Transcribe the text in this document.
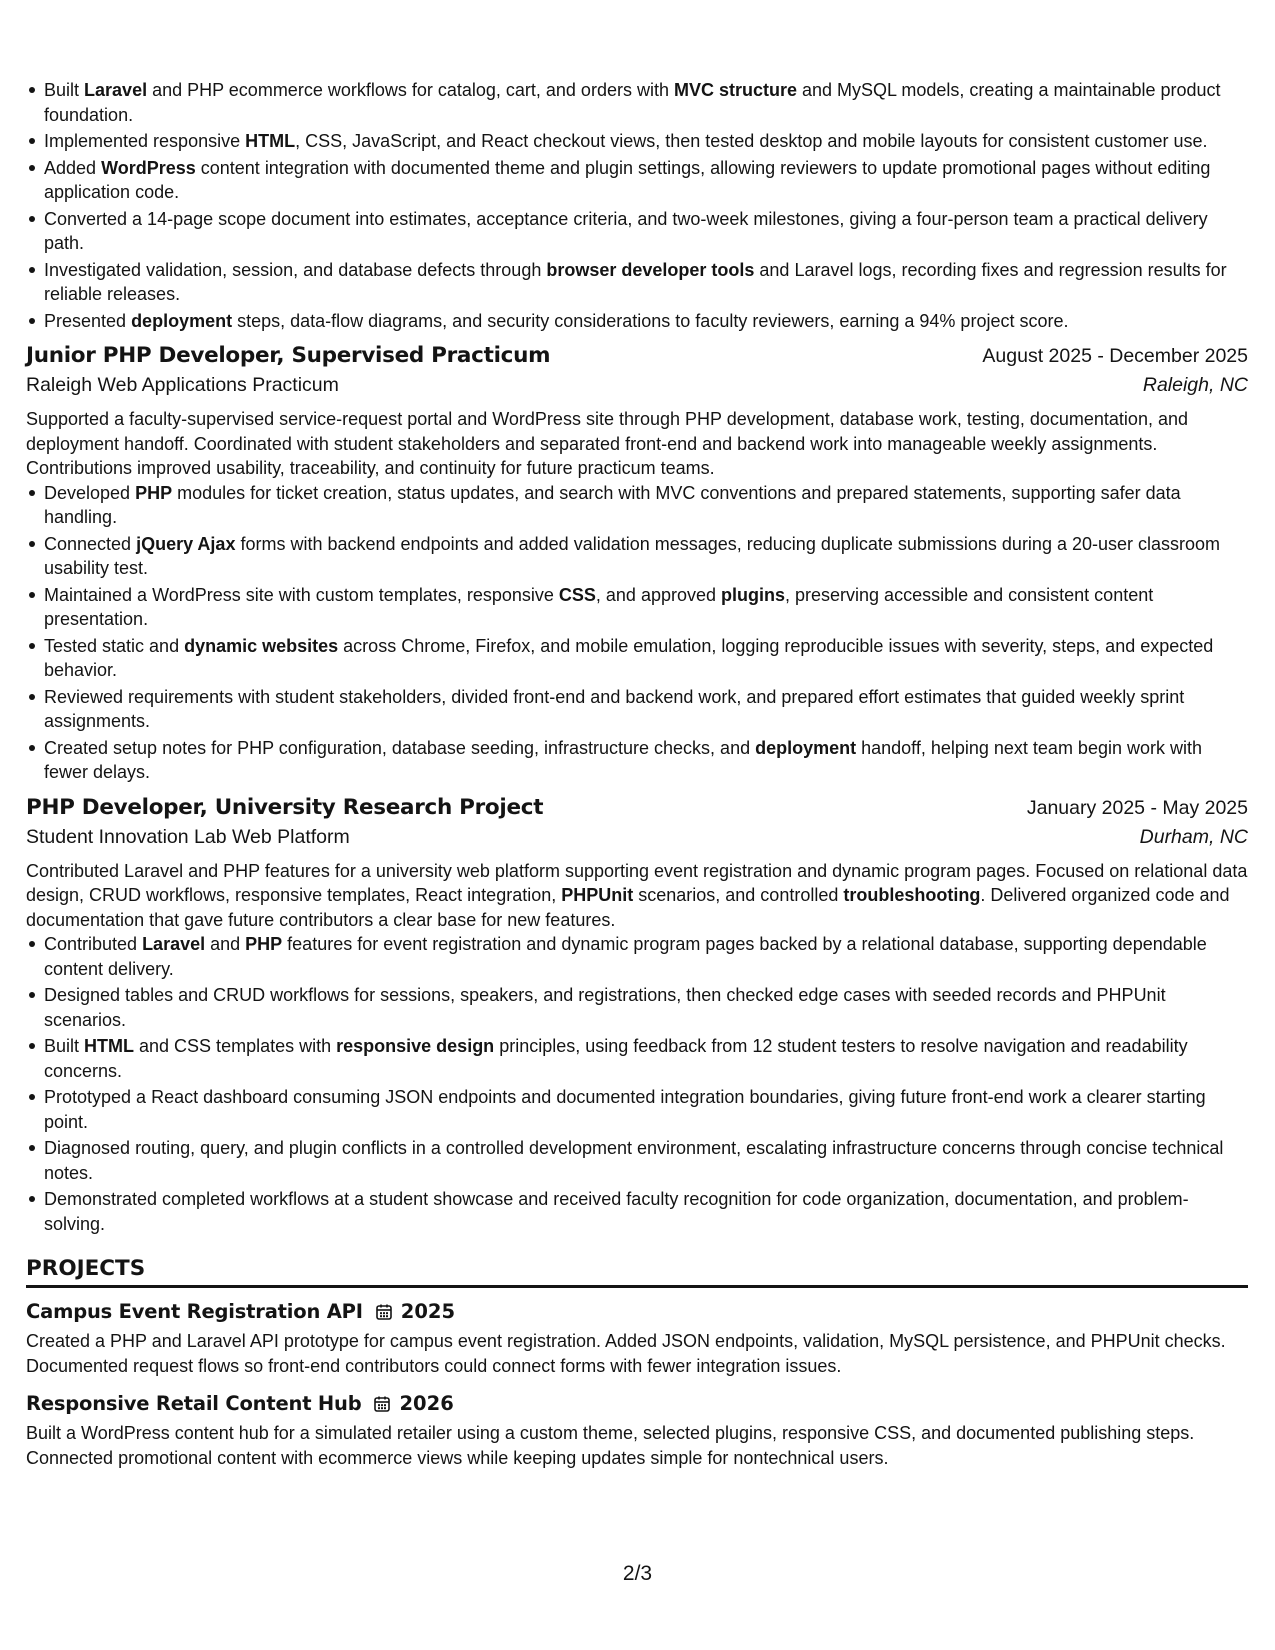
Built Laravel and PHP ecommerce workflows for catalog, cart, and orders with MVC structure and MySQL models, creating a maintainable product foundation.
Implemented responsive HTML, CSS, JavaScript, and React checkout views, then tested desktop and mobile layouts for consistent customer use.
Added WordPress content integration with documented theme and plugin settings, allowing reviewers to update promotional pages without editing application code.
Converted a 14-page scope document into estimates, acceptance criteria, and two-week milestones, giving a four-person team a practical delivery path.
Investigated validation, session, and database defects through browser developer tools and Laravel logs, recording fixes and regression results for reliable releases.
Presented deployment steps, data-flow diagrams, and security considerations to faculty reviewers, earning a 94% project score.
Junior PHP Developer, Supervised Practicum	August 2025 - December 2025
Raleigh Web Applications Practicum	Raleigh, NC
Supported a faculty-supervised service-request portal and WordPress site through PHP development, database work, testing, documentation, and deployment handoff. Coordinated with student stakeholders and separated front-end and backend work into manageable weekly assignments. Contributions improved usability, traceability, and continuity for future practicum teams.
Developed PHP modules for ticket creation, status updates, and search with MVC conventions and prepared statements, supporting safer data handling.
Connected jQuery Ajax forms with backend endpoints and added validation messages, reducing duplicate submissions during a 20-user classroom usability test.
Maintained a WordPress site with custom templates, responsive CSS, and approved plugins, preserving accessible and consistent content presentation.
Tested static and dynamic websites across Chrome, Firefox, and mobile emulation, logging reproducible issues with severity, steps, and expected behavior.
Reviewed requirements with student stakeholders, divided front-end and backend work, and prepared effort estimates that guided weekly sprint assignments.
Created setup notes for PHP configuration, database seeding, infrastructure checks, and deployment handoff, helping next team begin work with fewer delays.
PHP Developer, University Research Project	January 2025 - May 2025
Student Innovation Lab Web Platform	Durham, NC
Contributed Laravel and PHP features for a university web platform supporting event registration and dynamic program pages. Focused on relational data design, CRUD workflows, responsive templates, React integration, PHPUnit scenarios, and controlled troubleshooting. Delivered organized code and documentation that gave future contributors a clear base for new features.
Contributed Laravel and PHP features for event registration and dynamic program pages backed by a relational database, supporting dependable content delivery.
Designed tables and CRUD workflows for sessions, speakers, and registrations, then checked edge cases with seeded records and PHPUnit scenarios.
Built HTML and CSS templates with responsive design principles, using feedback from 12 student testers to resolve navigation and readability concerns.
Prototyped a React dashboard consuming JSON endpoints and documented integration boundaries, giving future front-end work a clearer starting point.
Diagnosed routing, query, and plugin conflicts in a controlled development environment, escalating infrastructure concerns through concise technical notes.
Demonstrated completed workflows at a student showcase and received faculty recognition for code organization, documentation, and problem-solving.
PROJECTS
Campus Event Registration API 2025
Created a PHP and Laravel API prototype for campus event registration. Added JSON endpoints, validation, MySQL persistence, and PHPUnit checks. Documented request flows so front-end contributors could connect forms with fewer integration issues.
Responsive Retail Content Hub 2026
Built a WordPress content hub for a simulated retailer using a custom theme, selected plugins, responsive CSS, and documented publishing steps. Connected promotional content with ecommerce views while keeping updates simple for nontechnical users.
2/3
